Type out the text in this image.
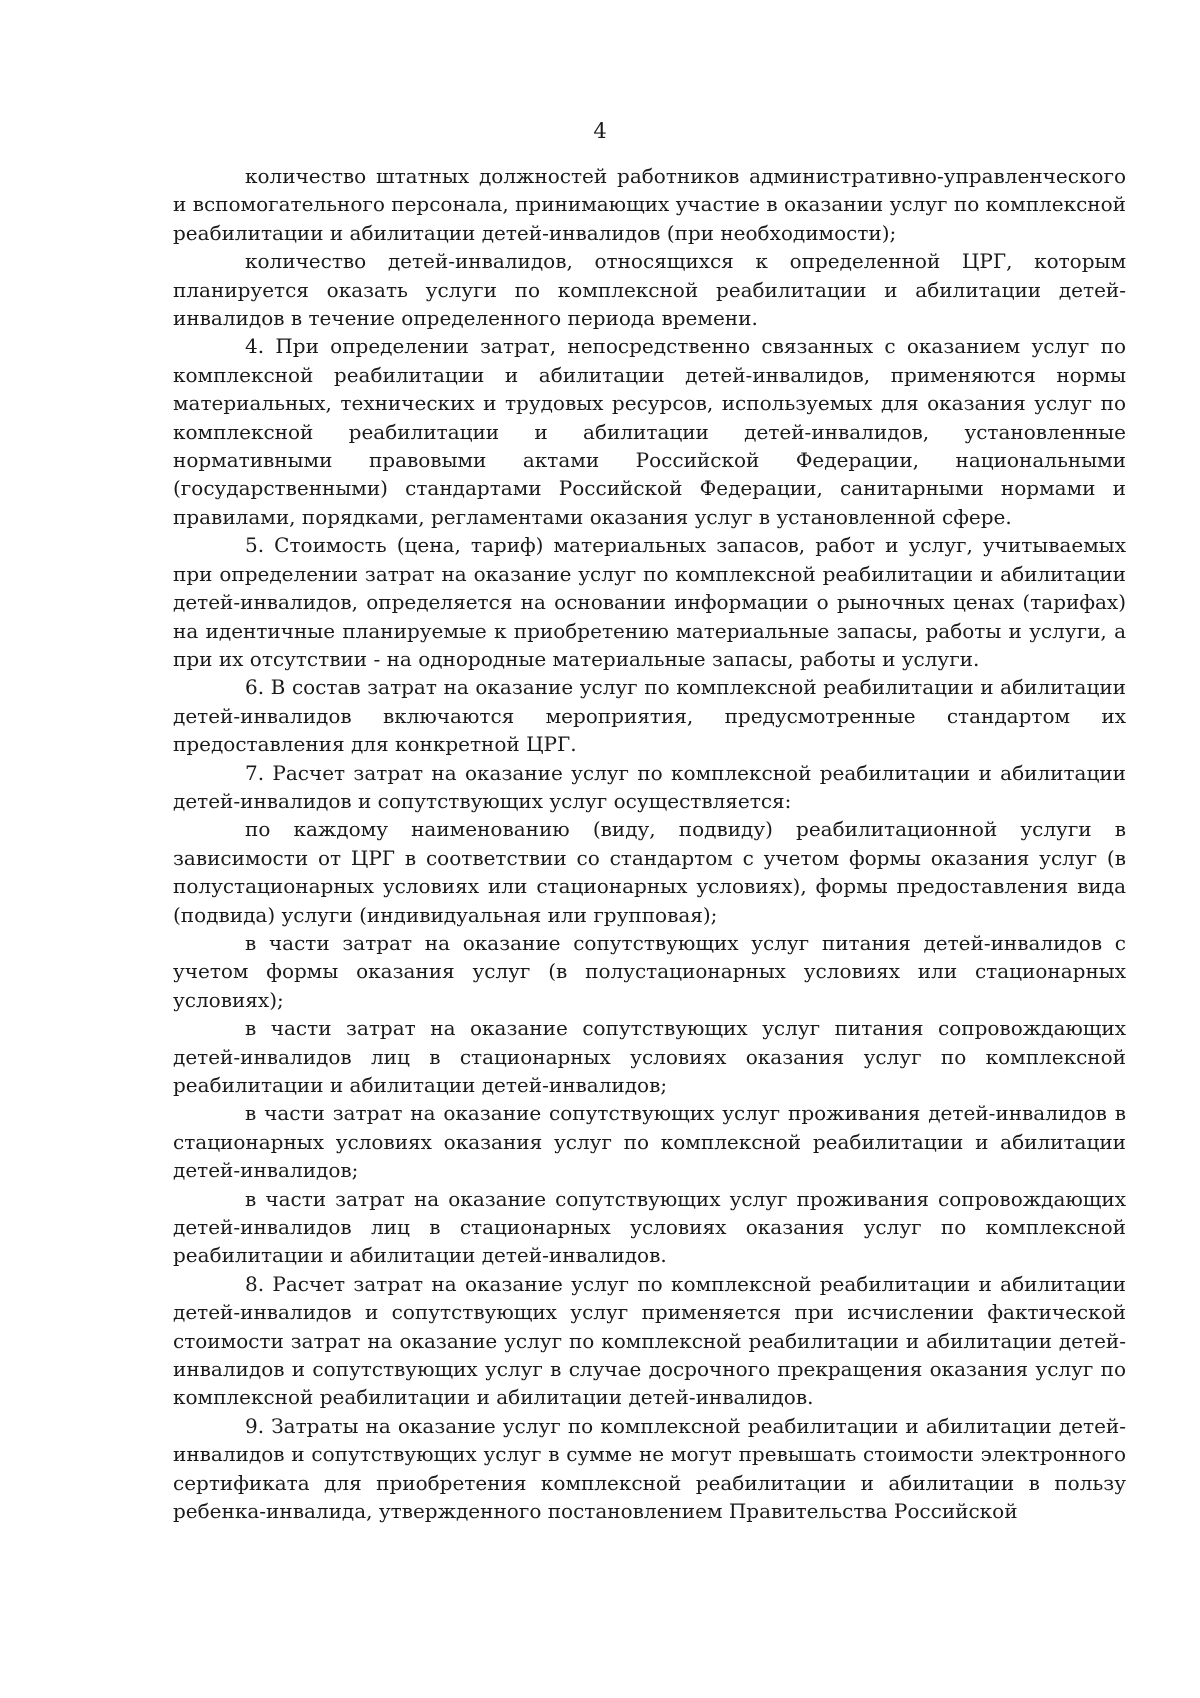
4

количество штатных должностей работников административно-управленческого и вспомогательного персонала, принимающих участие в оказании услуг по комплексной реабилитации и абилитации детей-инвалидов (при необходимости);

количество детей-инвалидов, относящихся к определенной ЦРГ, которым планируется оказать услуги по комплексной реабилитации и абилитации детей-инвалидов в течение определенного периода времени.

4. При определении затрат, непосредственно связанных с оказанием услуг по комплексной реабилитации и абилитации детей-инвалидов, применяются нормы материальных, технических и трудовых ресурсов, используемых для оказания услуг по комплексной реабилитации и абилитации детей-инвалидов, установленные нормативными правовыми актами Российской Федерации, национальными (государственными) стандартами Российской Федерации, санитарными нормами и правилами, порядками, регламентами оказания услуг в установленной сфере.

5. Стоимость (цена, тариф) материальных запасов, работ и услуг, учитываемых при определении затрат на оказание услуг по комплексной реабилитации и абилитации детей-инвалидов, определяется на основании информации о рыночных ценах (тарифах) на идентичные планируемые к приобретению материальные запасы, работы и услуги, а при их отсутствии - на однородные материальные запасы, работы и услуги.

6. В состав затрат на оказание услуг по комплексной реабилитации и абилитации детей-инвалидов включаются мероприятия, предусмотренные стандартом их предоставления для конкретной ЦРГ.

7. Расчет затрат на оказание услуг по комплексной реабилитации и абилитации детей-инвалидов и сопутствующих услуг осуществляется:

по каждому наименованию (виду, подвиду) реабилитационной услуги в зависимости от ЦРГ в соответствии со стандартом с учетом формы оказания услуг (в полустационарных условиях или стационарных условиях), формы предоставления вида (подвида) услуги (индивидуальная или групповая);

в части затрат на оказание сопутствующих услуг питания детей-инвалидов с учетом формы оказания услуг (в полустационарных условиях или стационарных условиях);

в части затрат на оказание сопутствующих услуг питания сопровождающих детей-инвалидов лиц в стационарных условиях оказания услуг по комплексной реабилитации и абилитации детей-инвалидов;

в части затрат на оказание сопутствующих услуг проживания детей-инвалидов в стационарных условиях оказания услуг по комплексной реабилитации и абилитации детей-инвалидов;

в части затрат на оказание сопутствующих услуг проживания сопровождающих детей-инвалидов лиц в стационарных условиях оказания услуг по комплексной реабилитации и абилитации детей-инвалидов.

8. Расчет затрат на оказание услуг по комплексной реабилитации и абилитации детей-инвалидов и сопутствующих услуг применяется при исчислении фактической стоимости затрат на оказание услуг по комплексной реабилитации и абилитации детей-инвалидов и сопутствующих услуг в случае досрочного прекращения оказания услуг по комплексной реабилитации и абилитации детей-инвалидов.

9. Затраты на оказание услуг по комплексной реабилитации и абилитации детей-инвалидов и сопутствующих услуг в сумме не могут превышать стоимости электронного сертификата для приобретения комплексной реабилитации и абилитации в пользу ребенка-инвалида, утвержденного постановлением Правительства Российской
